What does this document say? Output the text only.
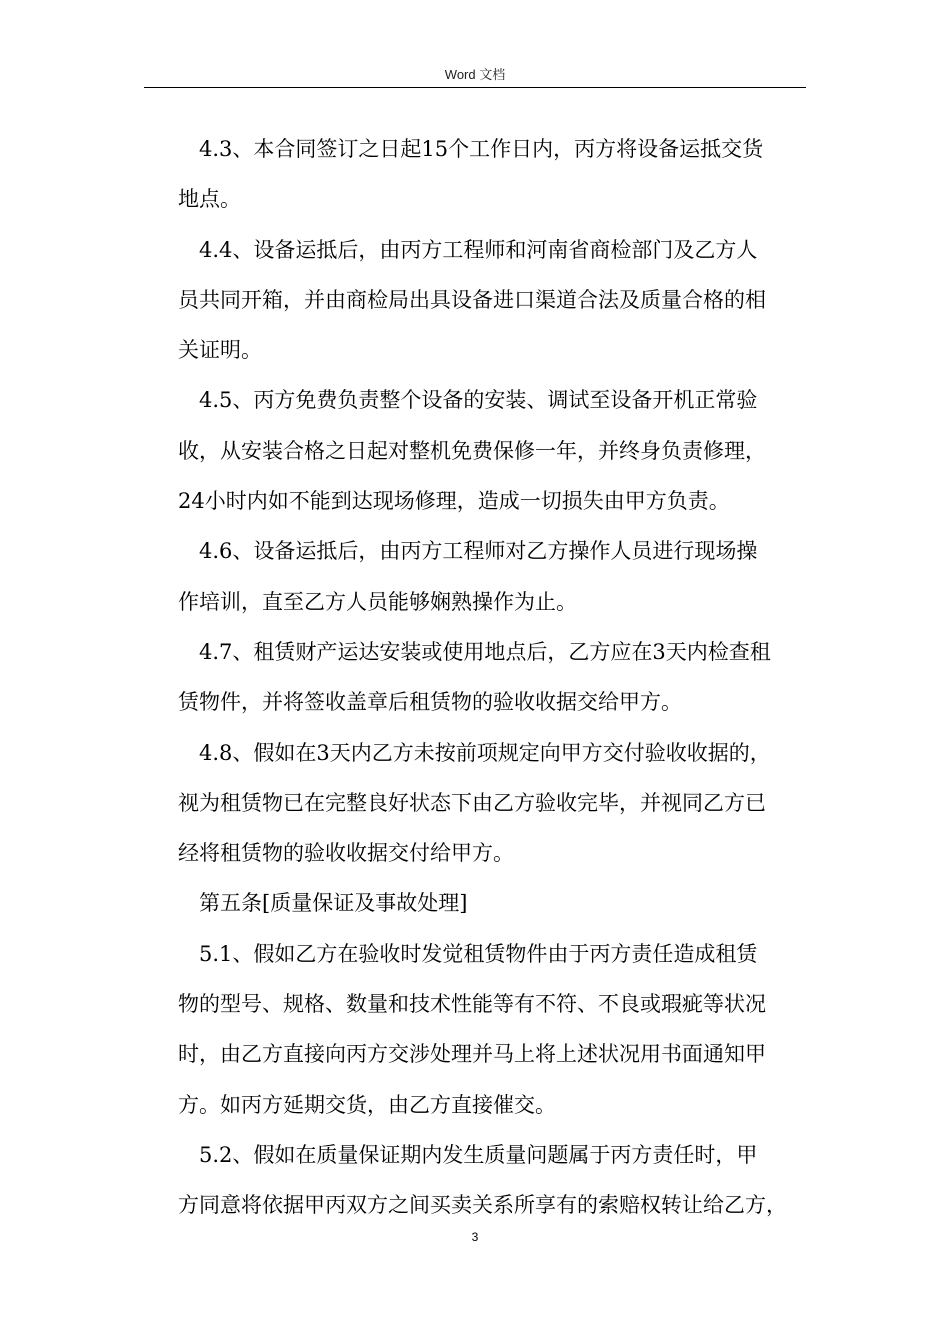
Word 文档
4.3、本合同签订之日起15个工作日内，丙方将设备运抵交货
地点。
4.4、设备运抵后，由丙方工程师和河南省商检部门及乙方人
员共同开箱，并由商检局出具设备进口渠道合法及质量合格的相
关证明。
4.5、丙方免费负责整个设备的安装、调试至设备开机正常验
收，从安装合格之日起对整机免费保修一年，并终身负责修理，
24小时内如不能到达现场修理，造成一切损失由甲方负责。
4.6、设备运抵后，由丙方工程师对乙方操作人员进行现场操
作培训，直至乙方人员能够娴熟操作为止。
4.7、租赁财产运达安装或使用地点后，乙方应在3天内检查租
赁物件，并将签收盖章后租赁物的验收收据交给甲方。
4.8、假如在3天内乙方未按前项规定向甲方交付验收收据的，
视为租赁物已在完整良好状态下由乙方验收完毕，并视同乙方已
经将租赁物的验收收据交付给甲方。
第五条[质量保证及事故处理]
5.1、假如乙方在验收时发觉租赁物件由于丙方责任造成租赁
物的型号、规格、数量和技术性能等有不符、不良或瑕疵等状况
时，由乙方直接向丙方交涉处理并马上将上述状况用书面通知甲
方。如丙方延期交货，由乙方直接催交。
5.2、假如在质量保证期内发生质量问题属于丙方责任时，甲
方同意将依据甲丙双方之间买卖关系所享有的索赔权转让给乙方，
3
